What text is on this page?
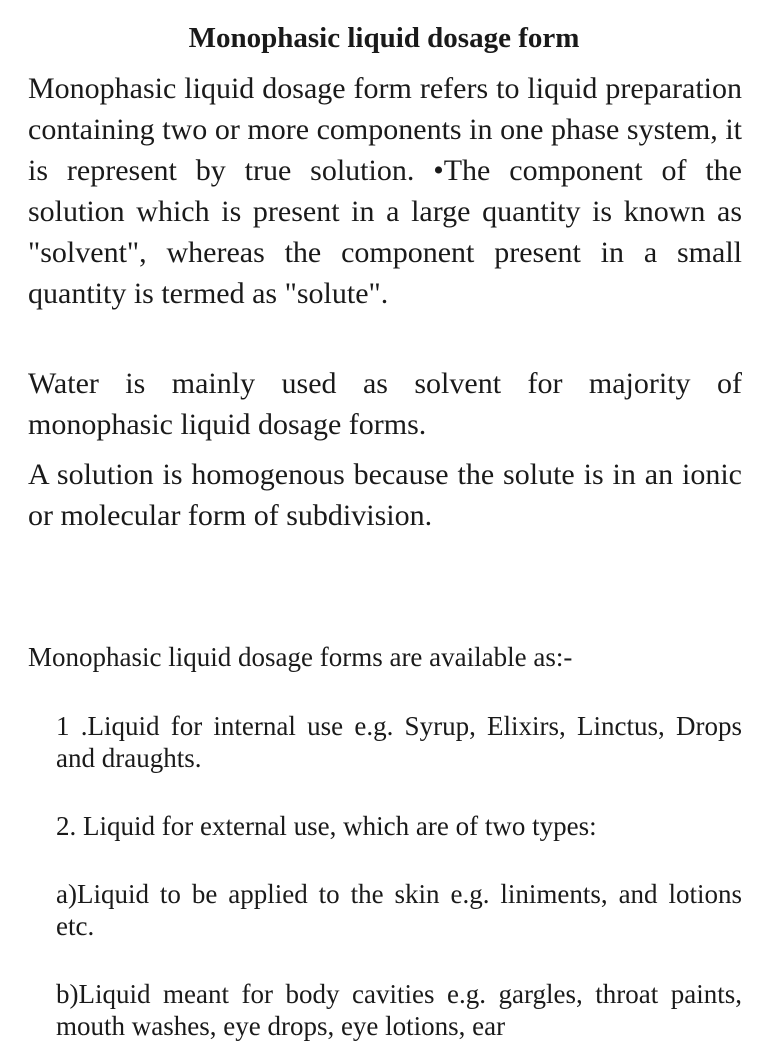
Monophasic liquid dosage form

Monophasic liquid dosage form refers to liquid preparation containing two or more components in one phase system, it is represent by true solution. •The component of the solution which is present in a large quantity is known as "solvent", whereas the component present in a small quantity is termed as "solute".

Water is mainly used as solvent for majority of monophasic liquid dosage forms.

A solution is homogenous because the solute is in an ionic or molecular form of subdivision.

Monophasic liquid dosage forms are available as:-

1 .Liquid for internal use e.g. Syrup, Elixirs, Linctus, Drops and draughts.

2. Liquid for external use, which are of two types:

a)Liquid to be applied to the skin e.g. liniments, and lotions etc.

b)Liquid meant for body cavities e.g. gargles, throat paints, mouth washes, eye drops, eye lotions, ear
